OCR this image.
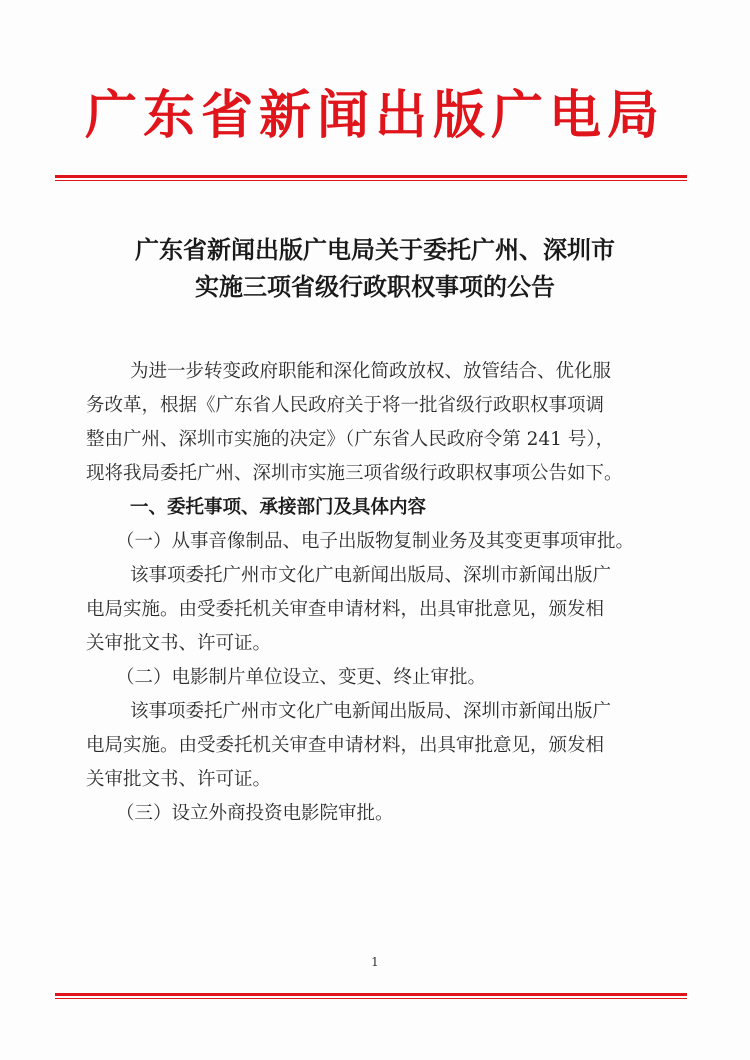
广东省新闻出版广电局
广东省新闻出版广电局关于委托广州、深圳市
实施三项省级行政职权事项的公告
为进一步转变政府职能和深化简政放权、放管结合、优化服
务改革，根据《广东省人民政府关于将一批省级行政职权事项调
整由广州、深圳市实施的决定》（广东省人民政府令第 241 号），
现将我局委托广州、深圳市实施三项省级行政职权事项公告如下。
一、委托事项、承接部门及具体内容
（一）从事音像制品、电子出版物复制业务及其变更事项审批。
该事项委托广州市文化广电新闻出版局、深圳市新闻出版广
电局实施。由受委托机关审查申请材料，出具审批意见，颁发相
关审批文书、许可证。
（二）电影制片单位设立、变更、终止审批。
该事项委托广州市文化广电新闻出版局、深圳市新闻出版广
电局实施。由受委托机关审查申请材料，出具审批意见，颁发相
关审批文书、许可证。
（三）设立外商投资电影院审批。
1
